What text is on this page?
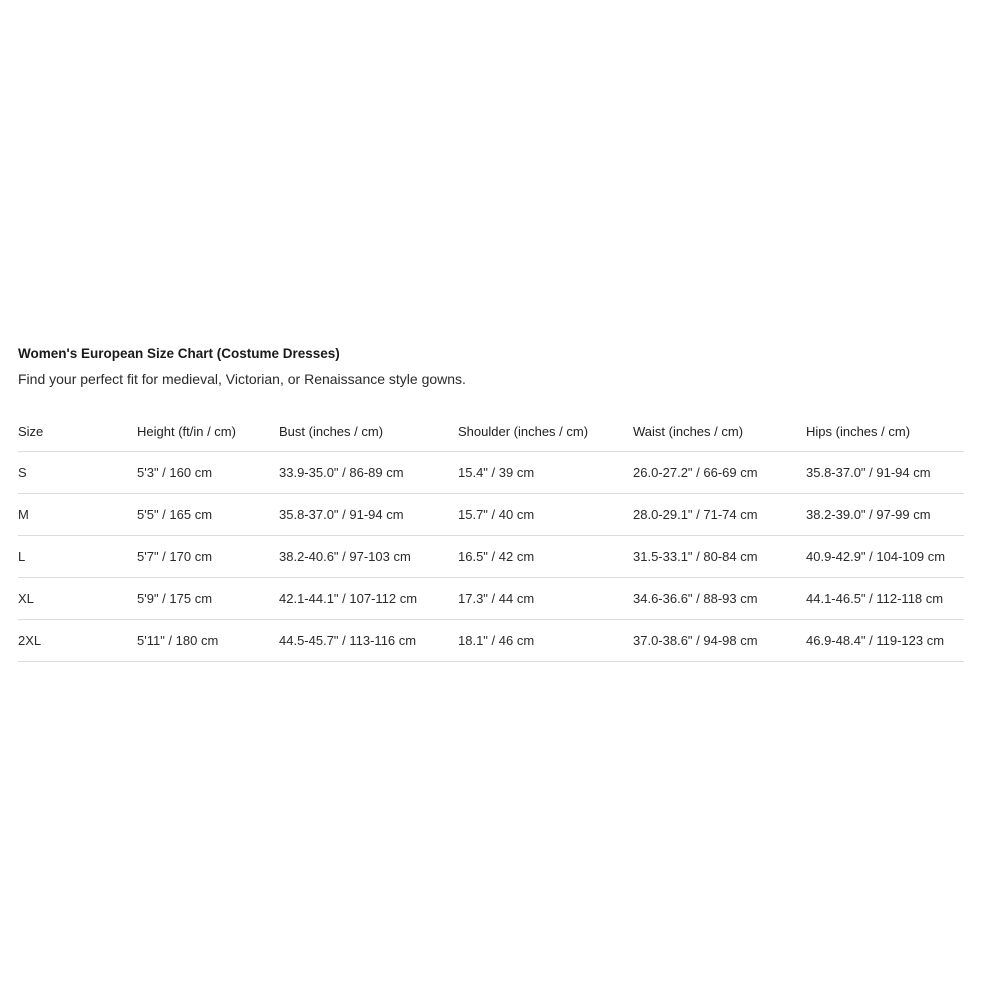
Women's European Size Chart (Costume Dresses)

Find your perfect fit for medieval, Victorian, or Renaissance style gowns.

Size	Height (ft/in / cm)	Bust (inches / cm)	Shoulder (inches / cm)	Waist (inches / cm)	Hips (inches / cm)
S	5'3" / 160 cm	33.9-35.0" / 86-89 cm	15.4" / 39 cm	26.0-27.2" / 66-69 cm	35.8-37.0" / 91-94 cm
M	5'5" / 165 cm	35.8-37.0" / 91-94 cm	15.7" / 40 cm	28.0-29.1" / 71-74 cm	38.2-39.0" / 97-99 cm
L	5'7" / 170 cm	38.2-40.6" / 97-103 cm	16.5" / 42 cm	31.5-33.1" / 80-84 cm	40.9-42.9" / 104-109 cm
XL	5'9" / 175 cm	42.1-44.1" / 107-112 cm	17.3" / 44 cm	34.6-36.6" / 88-93 cm	44.1-46.5" / 112-118 cm
2XL	5'11" / 180 cm	44.5-45.7" / 113-116 cm	18.1" / 46 cm	37.0-38.6" / 94-98 cm	46.9-48.4" / 119-123 cm
